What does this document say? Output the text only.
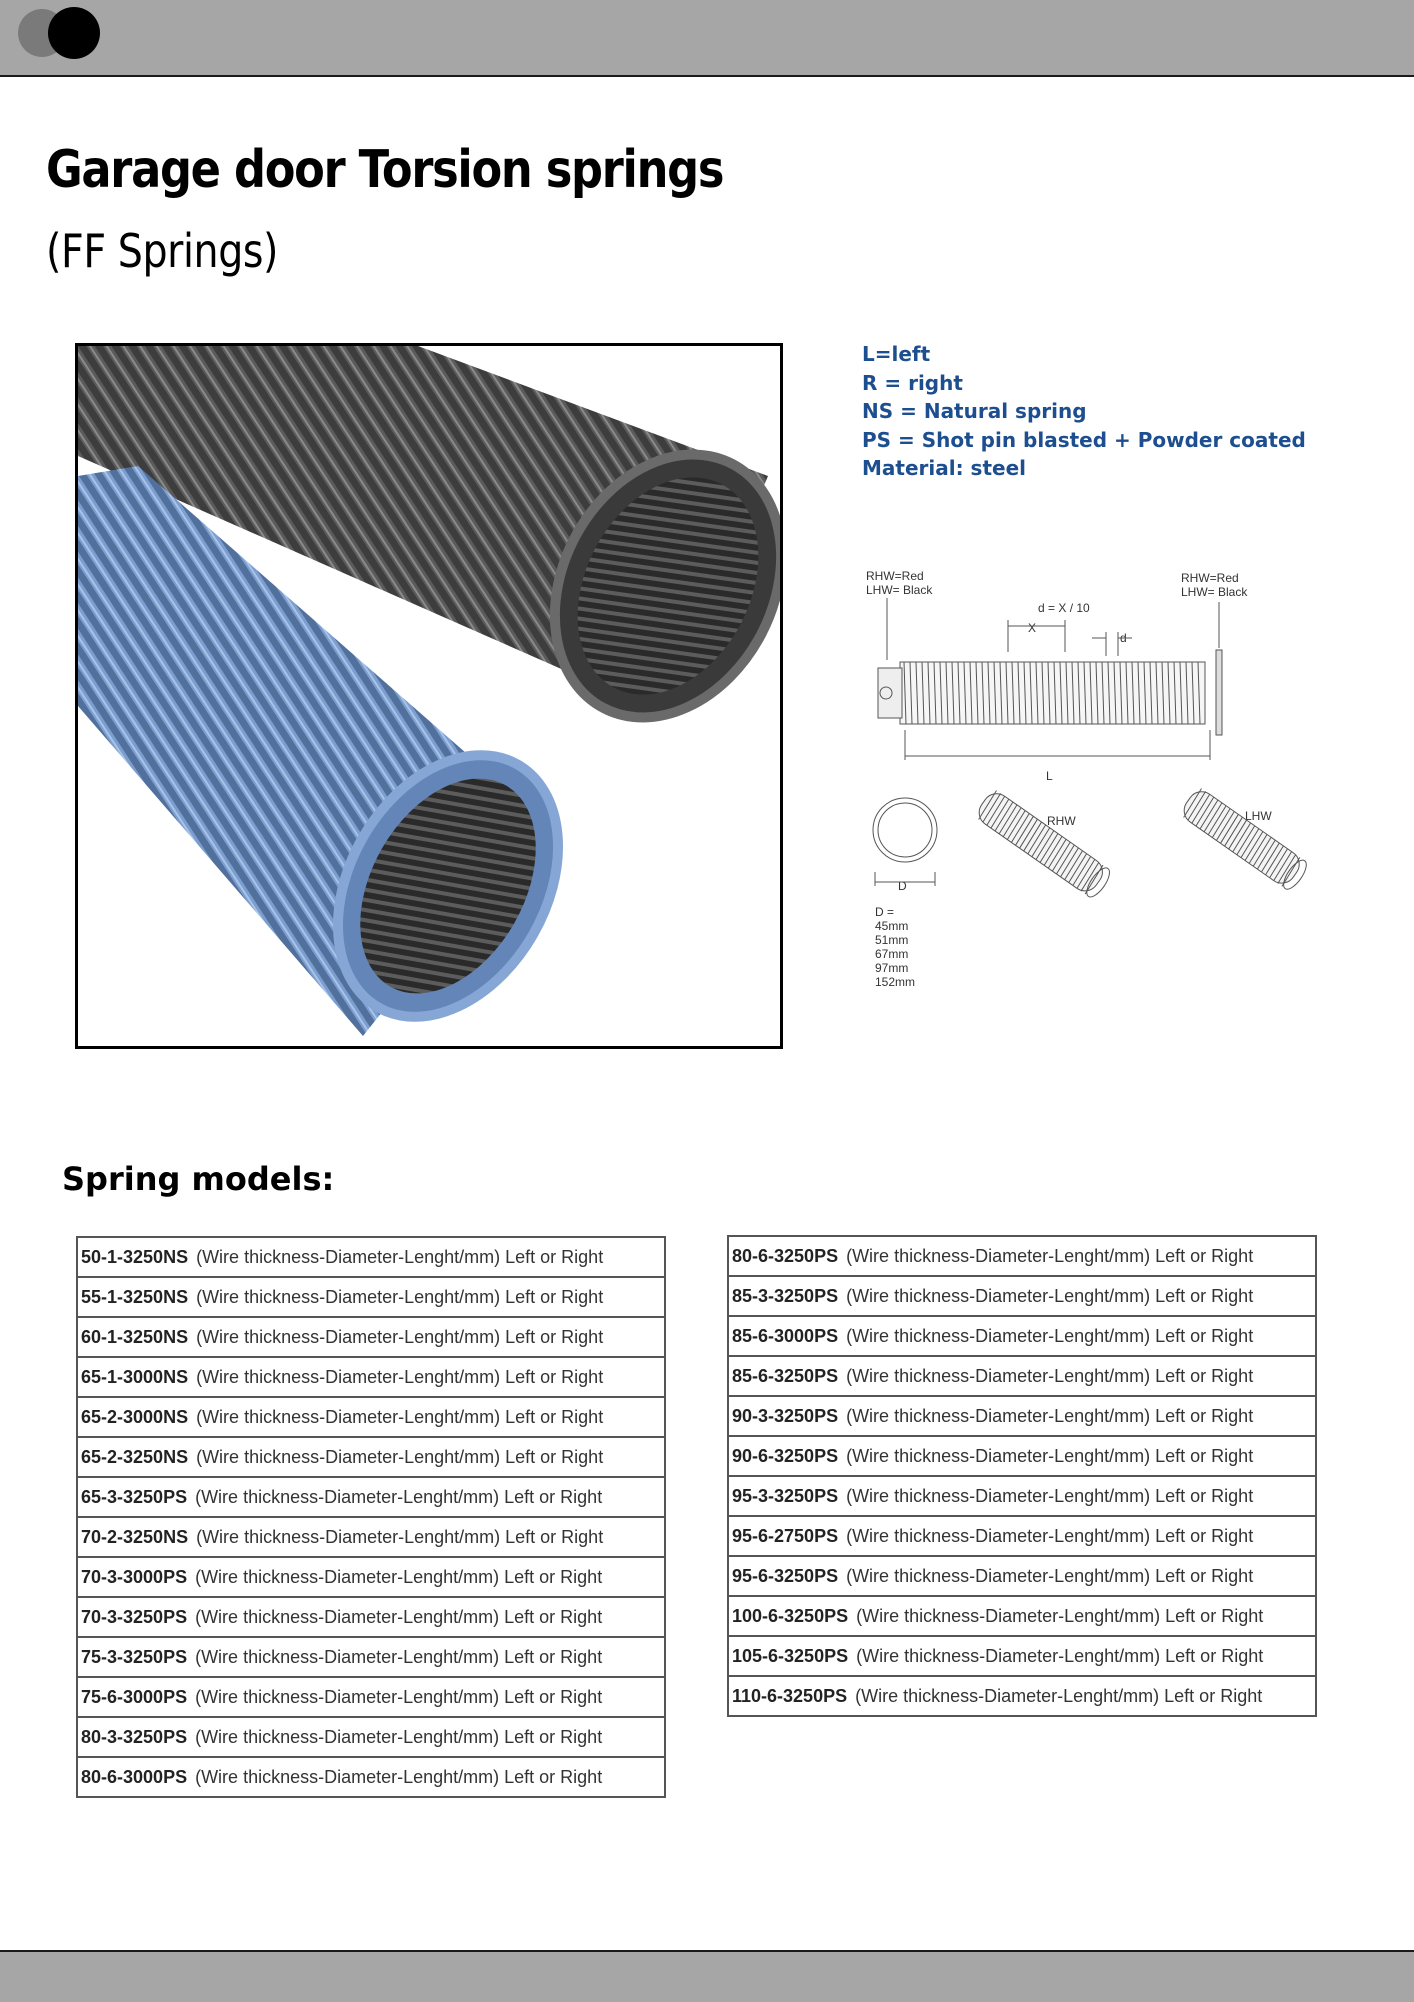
Garage door Torsion springs
(FF Springs)
L=left
R = right
NS = Natural spring
PS = Shot pin blasted + Powder coated
Material: steel
RHW=Red
LHW= Black
RHW=Red
LHW= Black
d = X / 10
X
d
L
D
RHW	LHW
D =
45mm
51mm
67mm
97mm
152mm
Spring models:
50-1-3250NS (Wire thickness-Diameter-Lenght/mm) Left or Right
55-1-3250NS (Wire thickness-Diameter-Lenght/mm) Left or Right
60-1-3250NS (Wire thickness-Diameter-Lenght/mm) Left or Right
65-1-3000NS (Wire thickness-Diameter-Lenght/mm) Left or Right
65-2-3000NS (Wire thickness-Diameter-Lenght/mm) Left or Right
65-2-3250NS (Wire thickness-Diameter-Lenght/mm) Left or Right
65-3-3250PS (Wire thickness-Diameter-Lenght/mm) Left or Right
70-2-3250NS (Wire thickness-Diameter-Lenght/mm) Left or Right
70-3-3000PS (Wire thickness-Diameter-Lenght/mm) Left or Right
70-3-3250PS (Wire thickness-Diameter-Lenght/mm) Left or Right
75-3-3250PS (Wire thickness-Diameter-Lenght/mm) Left or Right
75-6-3000PS (Wire thickness-Diameter-Lenght/mm) Left or Right
80-3-3250PS (Wire thickness-Diameter-Lenght/mm) Left or Right
80-6-3000PS (Wire thickness-Diameter-Lenght/mm) Left or Right
80-6-3250PS (Wire thickness-Diameter-Lenght/mm) Left or Right
85-3-3250PS (Wire thickness-Diameter-Lenght/mm) Left or Right
85-6-3000PS (Wire thickness-Diameter-Lenght/mm) Left or Right
85-6-3250PS (Wire thickness-Diameter-Lenght/mm) Left or Right
90-3-3250PS (Wire thickness-Diameter-Lenght/mm) Left or Right
90-6-3250PS (Wire thickness-Diameter-Lenght/mm) Left or Right
95-3-3250PS (Wire thickness-Diameter-Lenght/mm) Left or Right
95-6-2750PS (Wire thickness-Diameter-Lenght/mm) Left or Right
95-6-3250PS (Wire thickness-Diameter-Lenght/mm) Left or Right
100-6-3250PS (Wire thickness-Diameter-Lenght/mm) Left or Right
105-6-3250PS (Wire thickness-Diameter-Lenght/mm) Left or Right
110-6-3250PS (Wire thickness-Diameter-Lenght/mm) Left or Right
